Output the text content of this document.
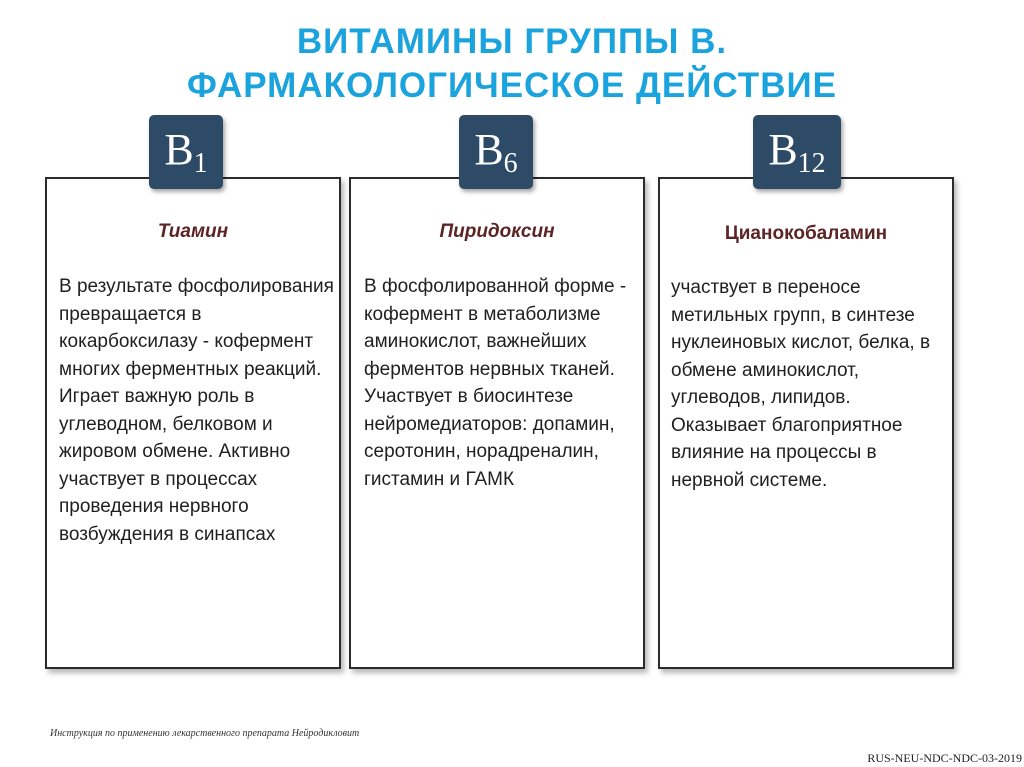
ВИТАМИНЫ ГРУППЫ В.
ФАРМАКОЛОГИЧЕСКОЕ ДЕЙСТВИЕ
Тиамин

В результате фосфолирования превращается в кокарбоксилазу - кофермент многих ферментных реакций. Играет важную роль в углеводном, белковом и жировом обмене. Активно участвует в процессах проведения нервного возбуждения в синапсах

B1
Пиридоксин

В фосфолированной форме - кофермент в метаболизме аминокислот, важнейших ферментов нервных тканей.

Участвует в биосинтезе нейромедиаторов: допамин, серотонин, норадреналин, гистамин и ГАМК

B6
Цианокобаламин

участвует в переносе метильных групп, в синтезе нуклеиновых кислот, белка, в обмене аминокислот, углеводов, липидов. Оказывает благоприятное влияние на процессы в нервной системе.

B12
Инструкция по применению лекарственного препарата Нейродикловит
RUS-NEU-NDC-NDC-03-2019
